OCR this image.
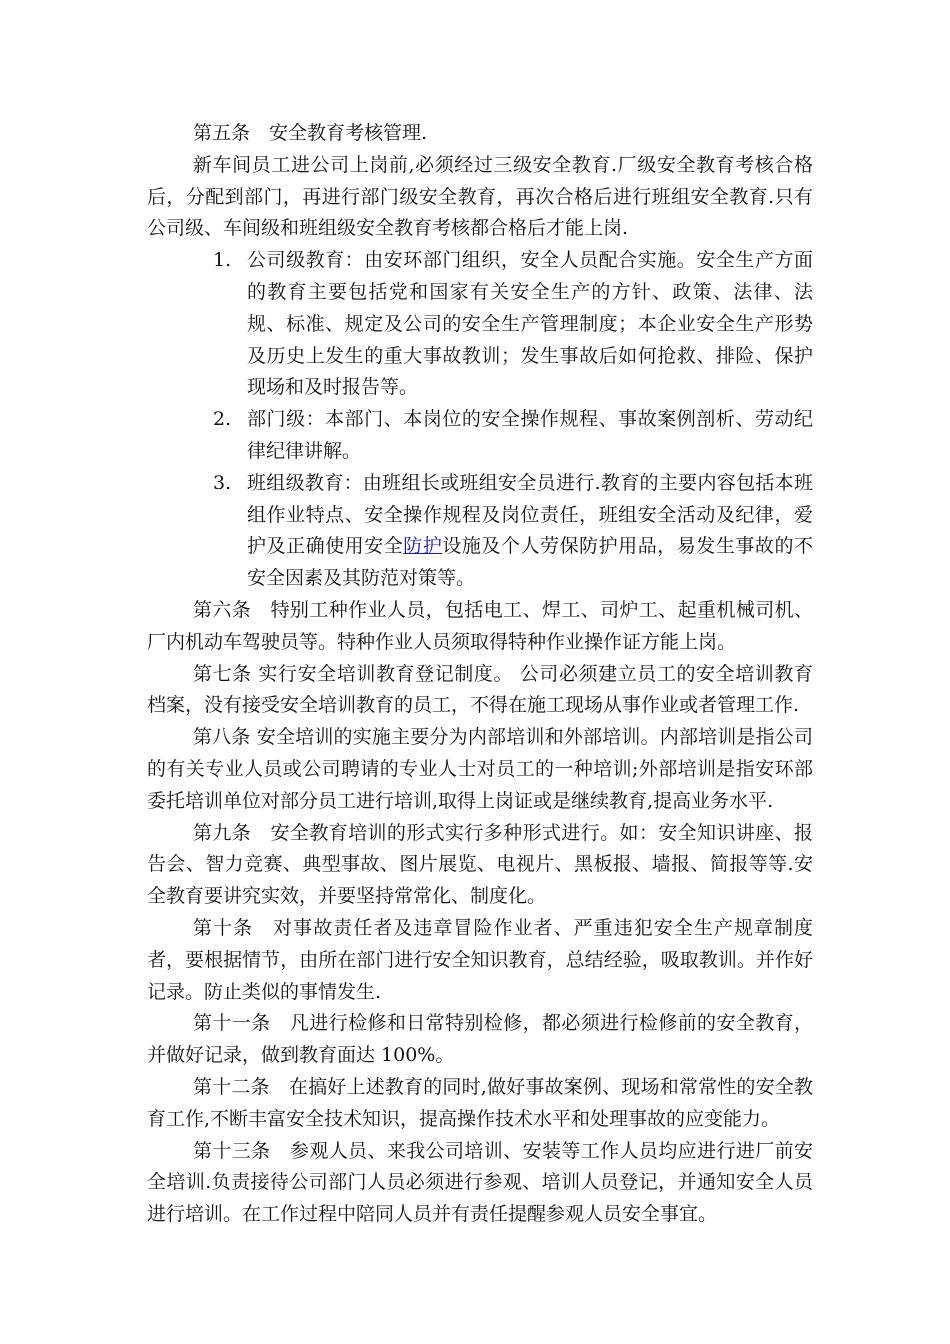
第五条　安全教育考核管理.

新车间员工进公司上岗前,必须经过三级安全教育.厂级安全教育考核合格后，分配到部门，再进行部门级安全教育，再次合格后进行班组安全教育.只有公司级、车间级和班组级安全教育考核都合格后才能上岗.

1. 公司级教育：由安环部门组织，安全人员配合实施。安全生产方面的教育主要包括党和国家有关安全生产的方针、政策、法律、法规、标准、规定及公司的安全生产管理制度；本企业安全生产形势及历史上发生的重大事故教训；发生事故后如何抢救、排险、保护现场和及时报告等。
2. 部门级：本部门、本岗位的安全操作规程、事故案例剖析、劳动纪律纪律讲解。
3. 班组级教育：由班组长或班组安全员进行.教育的主要内容包括本班组作业特点、安全操作规程及岗位责任，班组安全活动及纪律，爱护及正确使用安全防护设施及个人劳保防护用品，易发生事故的不安全因素及其防范对策等。

第六条　特别工种作业人员，包括电工、焊工、司炉工、起重机械司机、厂内机动车驾驶员等。特种作业人员须取得特种作业操作证方能上岗。

第七条 实行安全培训教育登记制度。 公司必须建立员工的安全培训教育档案，没有接受安全培训教育的员工，不得在施工现场从事作业或者管理工作.

第八条 安全培训的实施主要分为内部培训和外部培训。内部培训是指公司的有关专业人员或公司聘请的专业人士对员工的一种培训;外部培训是指安环部委托培训单位对部分员工进行培训,取得上岗证或是继续教育,提高业务水平.

第九条　安全教育培训的形式实行多种形式进行。如：安全知识讲座、报告会、智力竞赛、典型事故、图片展览、电视片、黑板报、墙报、简报等等.安全教育要讲究实效，并要坚持常常化、制度化。

第十条　对事故责任者及违章冒险作业者、严重违犯安全生产规章制度者，要根据情节，由所在部门进行安全知识教育，总结经验，吸取教训。并作好记录。防止类似的事情发生.

第十一条　凡进行检修和日常特别检修，都必须进行检修前的安全教育，并做好记录，做到教育面达 100%。

第十二条　在搞好上述教育的同时,做好事故案例、现场和常常性的安全教育工作,不断丰富安全技术知识，提高操作技术水平和处理事故的应变能力。

第十三条　参观人员、来我公司培训、安装等工作人员均应进行进厂前安全培训.负责接待公司部门人员必须进行参观、培训人员登记，并通知安全人员进行培训。在工作过程中陪同人员并有责任提醒参观人员安全事宜。
